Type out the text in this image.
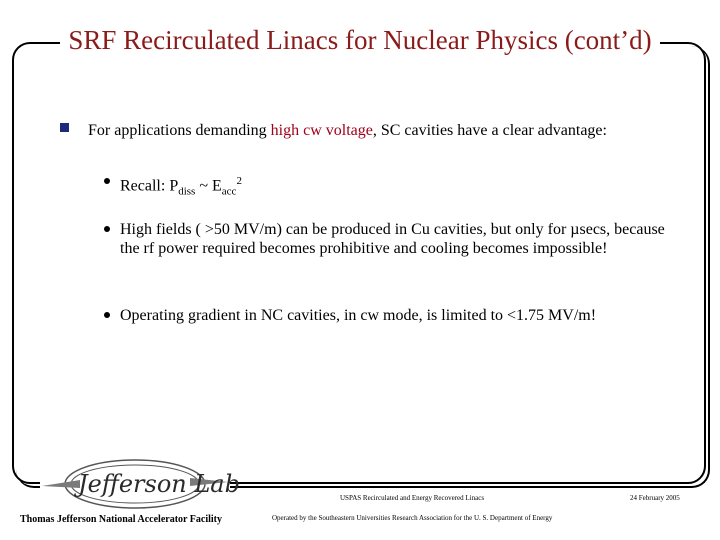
SRF Recirculated Linacs for Nuclear Physics (cont’d)
For applications demanding high cw voltage, SC cavities have a clear advantage:
Recall: $P_{diss}$ ~ $E_{acc}^2$
High fields ( >50 MV/m) can be produced in Cu cavities, but only for µsecs, because the rf power required becomes prohibitive and cooling becomes impossible!
Operating gradient in NC cavities, in cw mode, is limited to <1.75 MV/m!
Jefferson Lab
Thomas Jefferson National Accelerator Facility
USPAS Recirculated and Energy Recovered Linacs
Operated by the Southeastern Universities Research Association for the U. S. Department of Energy
24 February 2005
